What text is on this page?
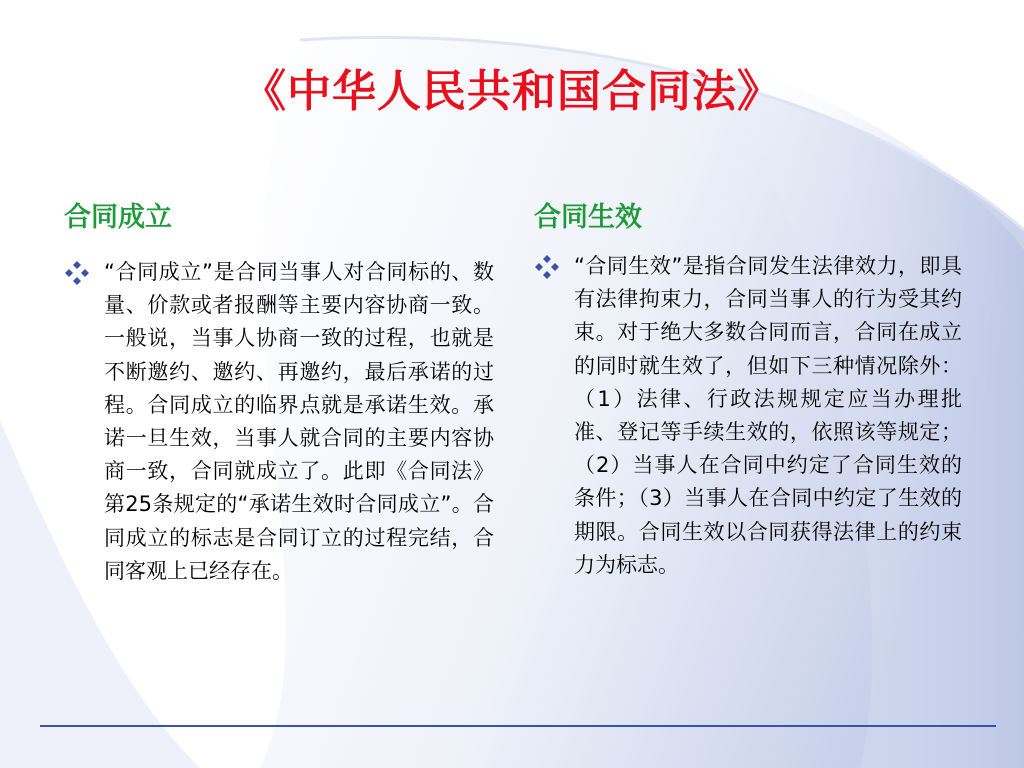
《中华人民共和国合同法》
合同成立	合同生效
“合同成立”是合同当事人对合同标的、数量、价款或者报酬等主要内容协商一致。一般说，当事人协商一致的过程，也就是不断邀约、邀约、再邀约，最后承诺的过程。合同成立的临界点就是承诺生效。承诺一旦生效，当事人就合同的主要内容协商一致，合同就成立了。此即《合同法》第25条规定的“承诺生效时合同成立”。合同成立的标志是合同订立的过程完结，合同客观上已经存在。
“合同生效”是指合同发生法律效力，即具有法律拘束力，合同当事人的行为受其约束。对于绝大多数合同而言，合同在成立的同时就生效了，但如下三种情况除外：（1）法律、行政法规规定应当办理批准、登记等手续生效的，依照该等规定；（2）当事人在合同中约定了合同生效的条件；（3）当事人在合同中约定了生效的期限。合同生效以合同获得法律上的约束力为标志。
